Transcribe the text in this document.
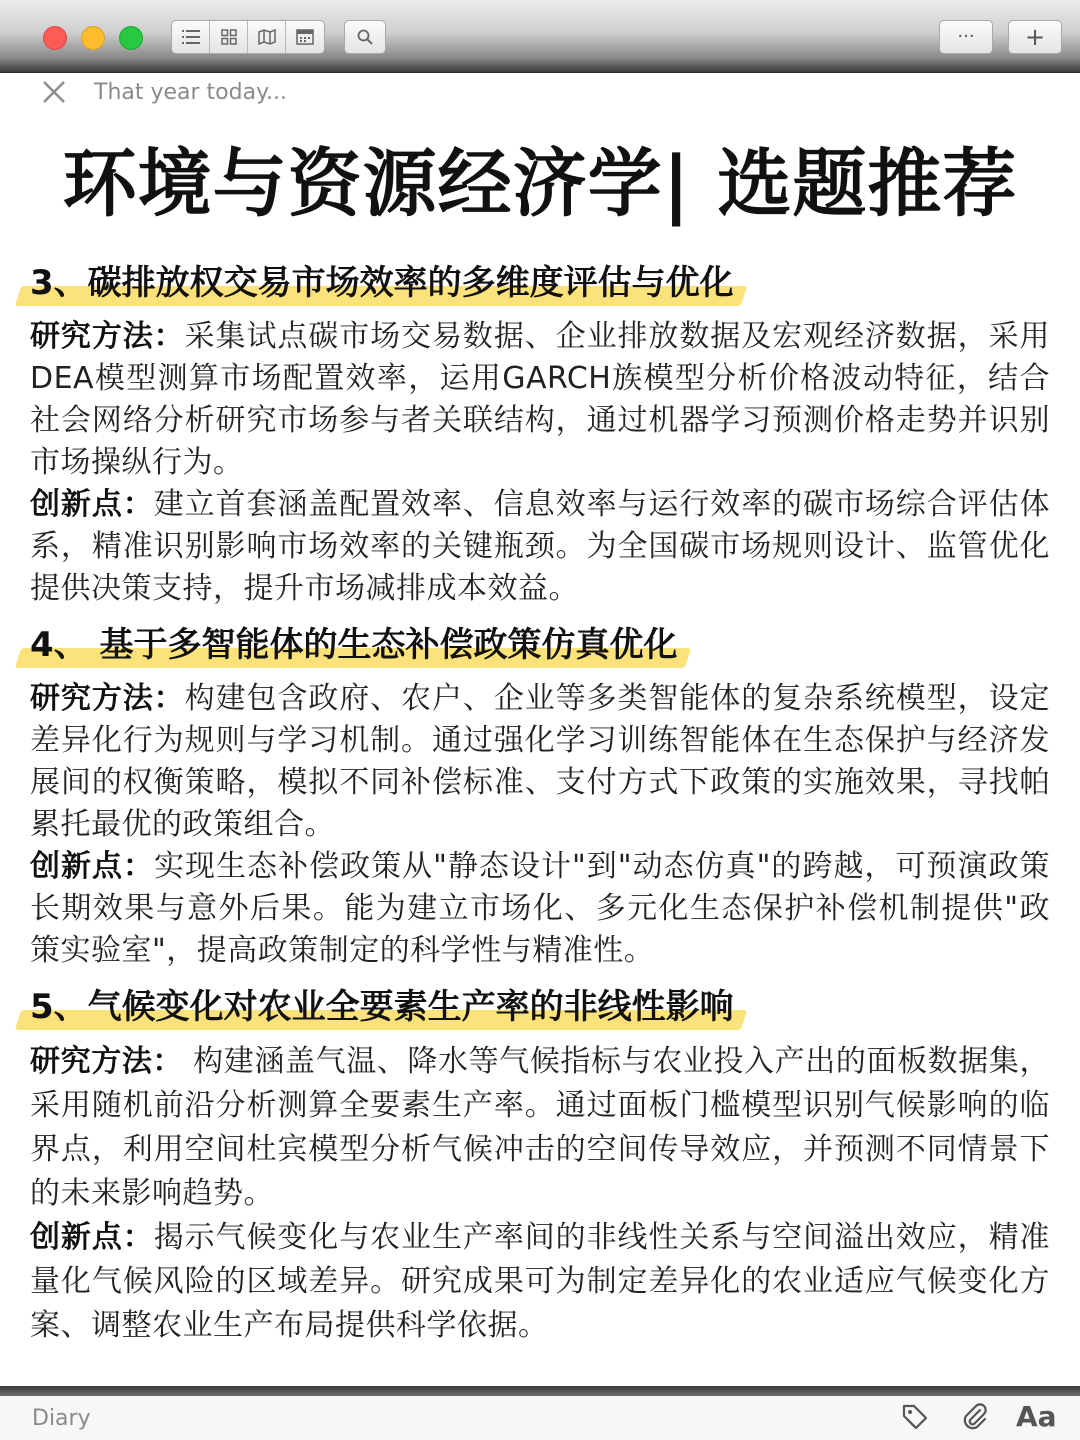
··· +
That year today...
环境与资源经济学| 选题推荐
3、碳排放权交易市场效率的多维度评估与优化

研究方法：采集试点碳市场交易数据、企业排放数据及宏观经济数据，采用DEA模型测算市场配置效率，运用GARCH族模型分析价格波动特征，结合社会网络分析研究市场参与者关联结构，通过机器学习预测价格走势并识别市场操纵行为。

创新点：建立首套涵盖配置效率、信息效率与运行效率的碳市场综合评估体系，精准识别影响市场效率的关键瓶颈。为全国碳市场规则设计、监管优化提供决策支持，提升市场减排成本效益。

4、 基于多智能体的生态补偿政策仿真优化

研究方法：构建包含政府、农户、企业等多类智能体的复杂系统模型，设定差异化行为规则与学习机制。通过强化学习训练智能体在生态保护与经济发展间的权衡策略，模拟不同补偿标准、支付方式下政策的实施效果，寻找帕累托最优的政策组合。

创新点：实现生态补偿政策从"静态设计"到"动态仿真"的跨越，可预演政策长期效果与意外后果。能为建立市场化、多元化生态保护补偿机制提供"政策实验室"，提高政策制定的科学性与精准性。

5、气候变化对农业全要素生产率的非线性影响

研究方法： 构建涵盖气温、降水等气候指标与农业投入产出的面板数据集，采用随机前沿分析测算全要素生产率。通过面板门槛模型识别气候影响的临界点，利用空间杜宾模型分析气候冲击的空间传导效应，并预测不同情景下的未来影响趋势。

创新点：揭示气候变化与农业生产率间的非线性关系与空间溢出效应，精准量化气候风险的区域差异。研究成果可为制定差异化的农业适应气候变化方案、调整农业生产布局提供科学依据。

Diary	Aa
